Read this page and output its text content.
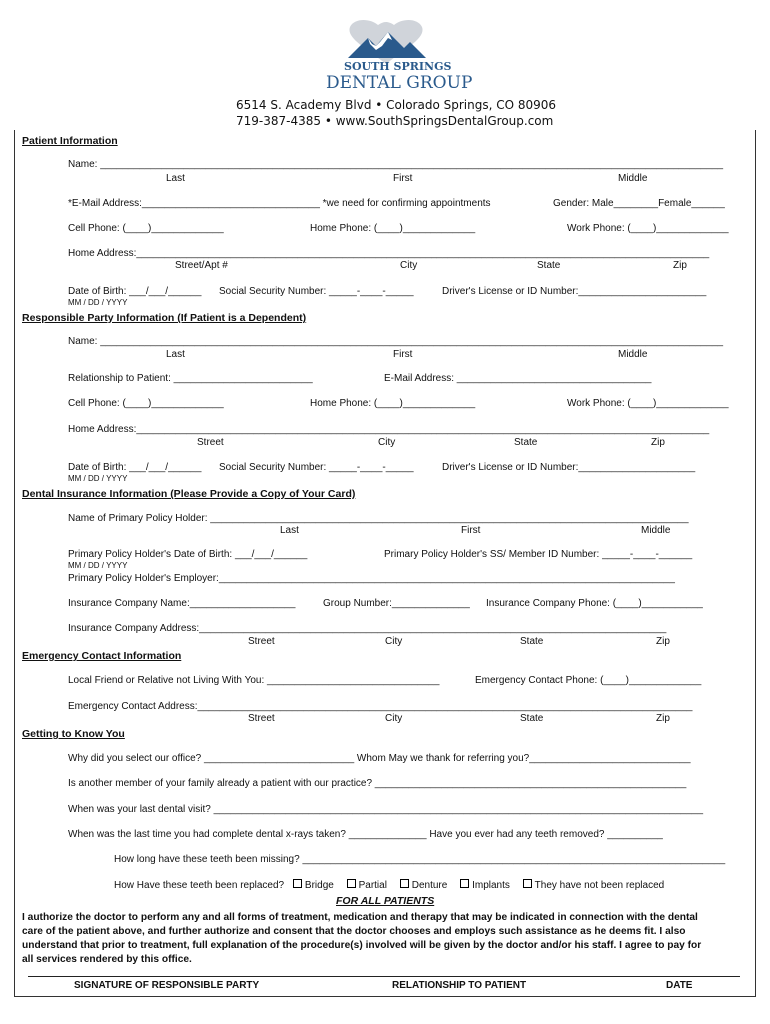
SOUTH SPRINGS
DENTAL GROUP
6514 S. Academy Blvd • Colorado Springs, CO 80906
719-387-4385 • www.SouthSpringsDentalGroup.com
Patient Information
Name: ________________________________________________________________________________________________________________
Last	First	Middle
*E-Mail Address:________________________________ *we need for confirming appointments	Gender: Male________Female______
Cell Phone: (____)_____________	Home Phone: (____)_____________	Work Phone: (____)_____________
Home Address:_______________________________________________________________________________________________________
Street/Apt #	City	State	Zip
Date of Birth: ___/___/______ Social Security Number: _____-____-_____	Driver's License or ID Number:_______________________
MM / DD / YYYY
Responsible Party Information (If Patient is a Dependent)
Name: ________________________________________________________________________________________________________________
Last	First	Middle
Relationship to Patient: _________________________	E-Mail Address: ___________________________________
Cell Phone: (____)_____________	Home Phone: (____)_____________	Work Phone: (____)_____________
Home Address:_______________________________________________________________________________________________________
Street	City	State	Zip
Date of Birth: ___/___/______ Social Security Number: _____-____-_____	Driver's License or ID Number:_____________________
MM / DD / YYYY
Dental Insurance Information (Please Provide a Copy of Your Card)
Name of Primary Policy Holder: ______________________________________________________________________________________
Last	First	Middle
Primary Policy Holder's Date of Birth: ___/___/______	Primary Policy Holder's SS/ Member ID Number: _____-____-______
MM / DD / YYYY
Primary Policy Holder's Employer:__________________________________________________________________________________
Insurance Company Name:___________________	Group Number:______________ Insurance Company Phone: (____)___________
Insurance Company Address:____________________________________________________________________________________
Street	City	State	Zip
Emergency Contact Information
Local Friend or Relative not Living With You: _______________________________	Emergency Contact Phone: (____)_____________
Emergency Contact Address:_________________________________________________________________________________________
Street	City	State	Zip
Getting to Know You
Why did you select our office? ___________________________ Whom May we thank for referring you?_____________________________
Is another member of your family already a patient with our practice? ________________________________________________________
When was your last dental visit? ________________________________________________________________________________________
When was the last time you had complete dental x-rays taken? ______________ Have you ever had any teeth removed? __________
How long have these teeth been missing? ____________________________________________________________________________
How Have these teeth been replaced? Bridge Partial Denture Implants They have not been replaced
FOR ALL PATIENTS
I authorize the doctor to perform any and all forms of treatment, medication and therapy that may be indicated in connection with the dental
care of the patient above, and further authorize and consent that the doctor chooses and employs such assistance as he deems fit. I also
understand that prior to treatment, full explanation of the procedure(s) involved will be given by the doctor and/or his staff. I agree to pay for
all services rendered by this office.
SIGNATURE OF RESPONSIBLE PARTY	RELATIONSHIP TO PATIENT	DATE
